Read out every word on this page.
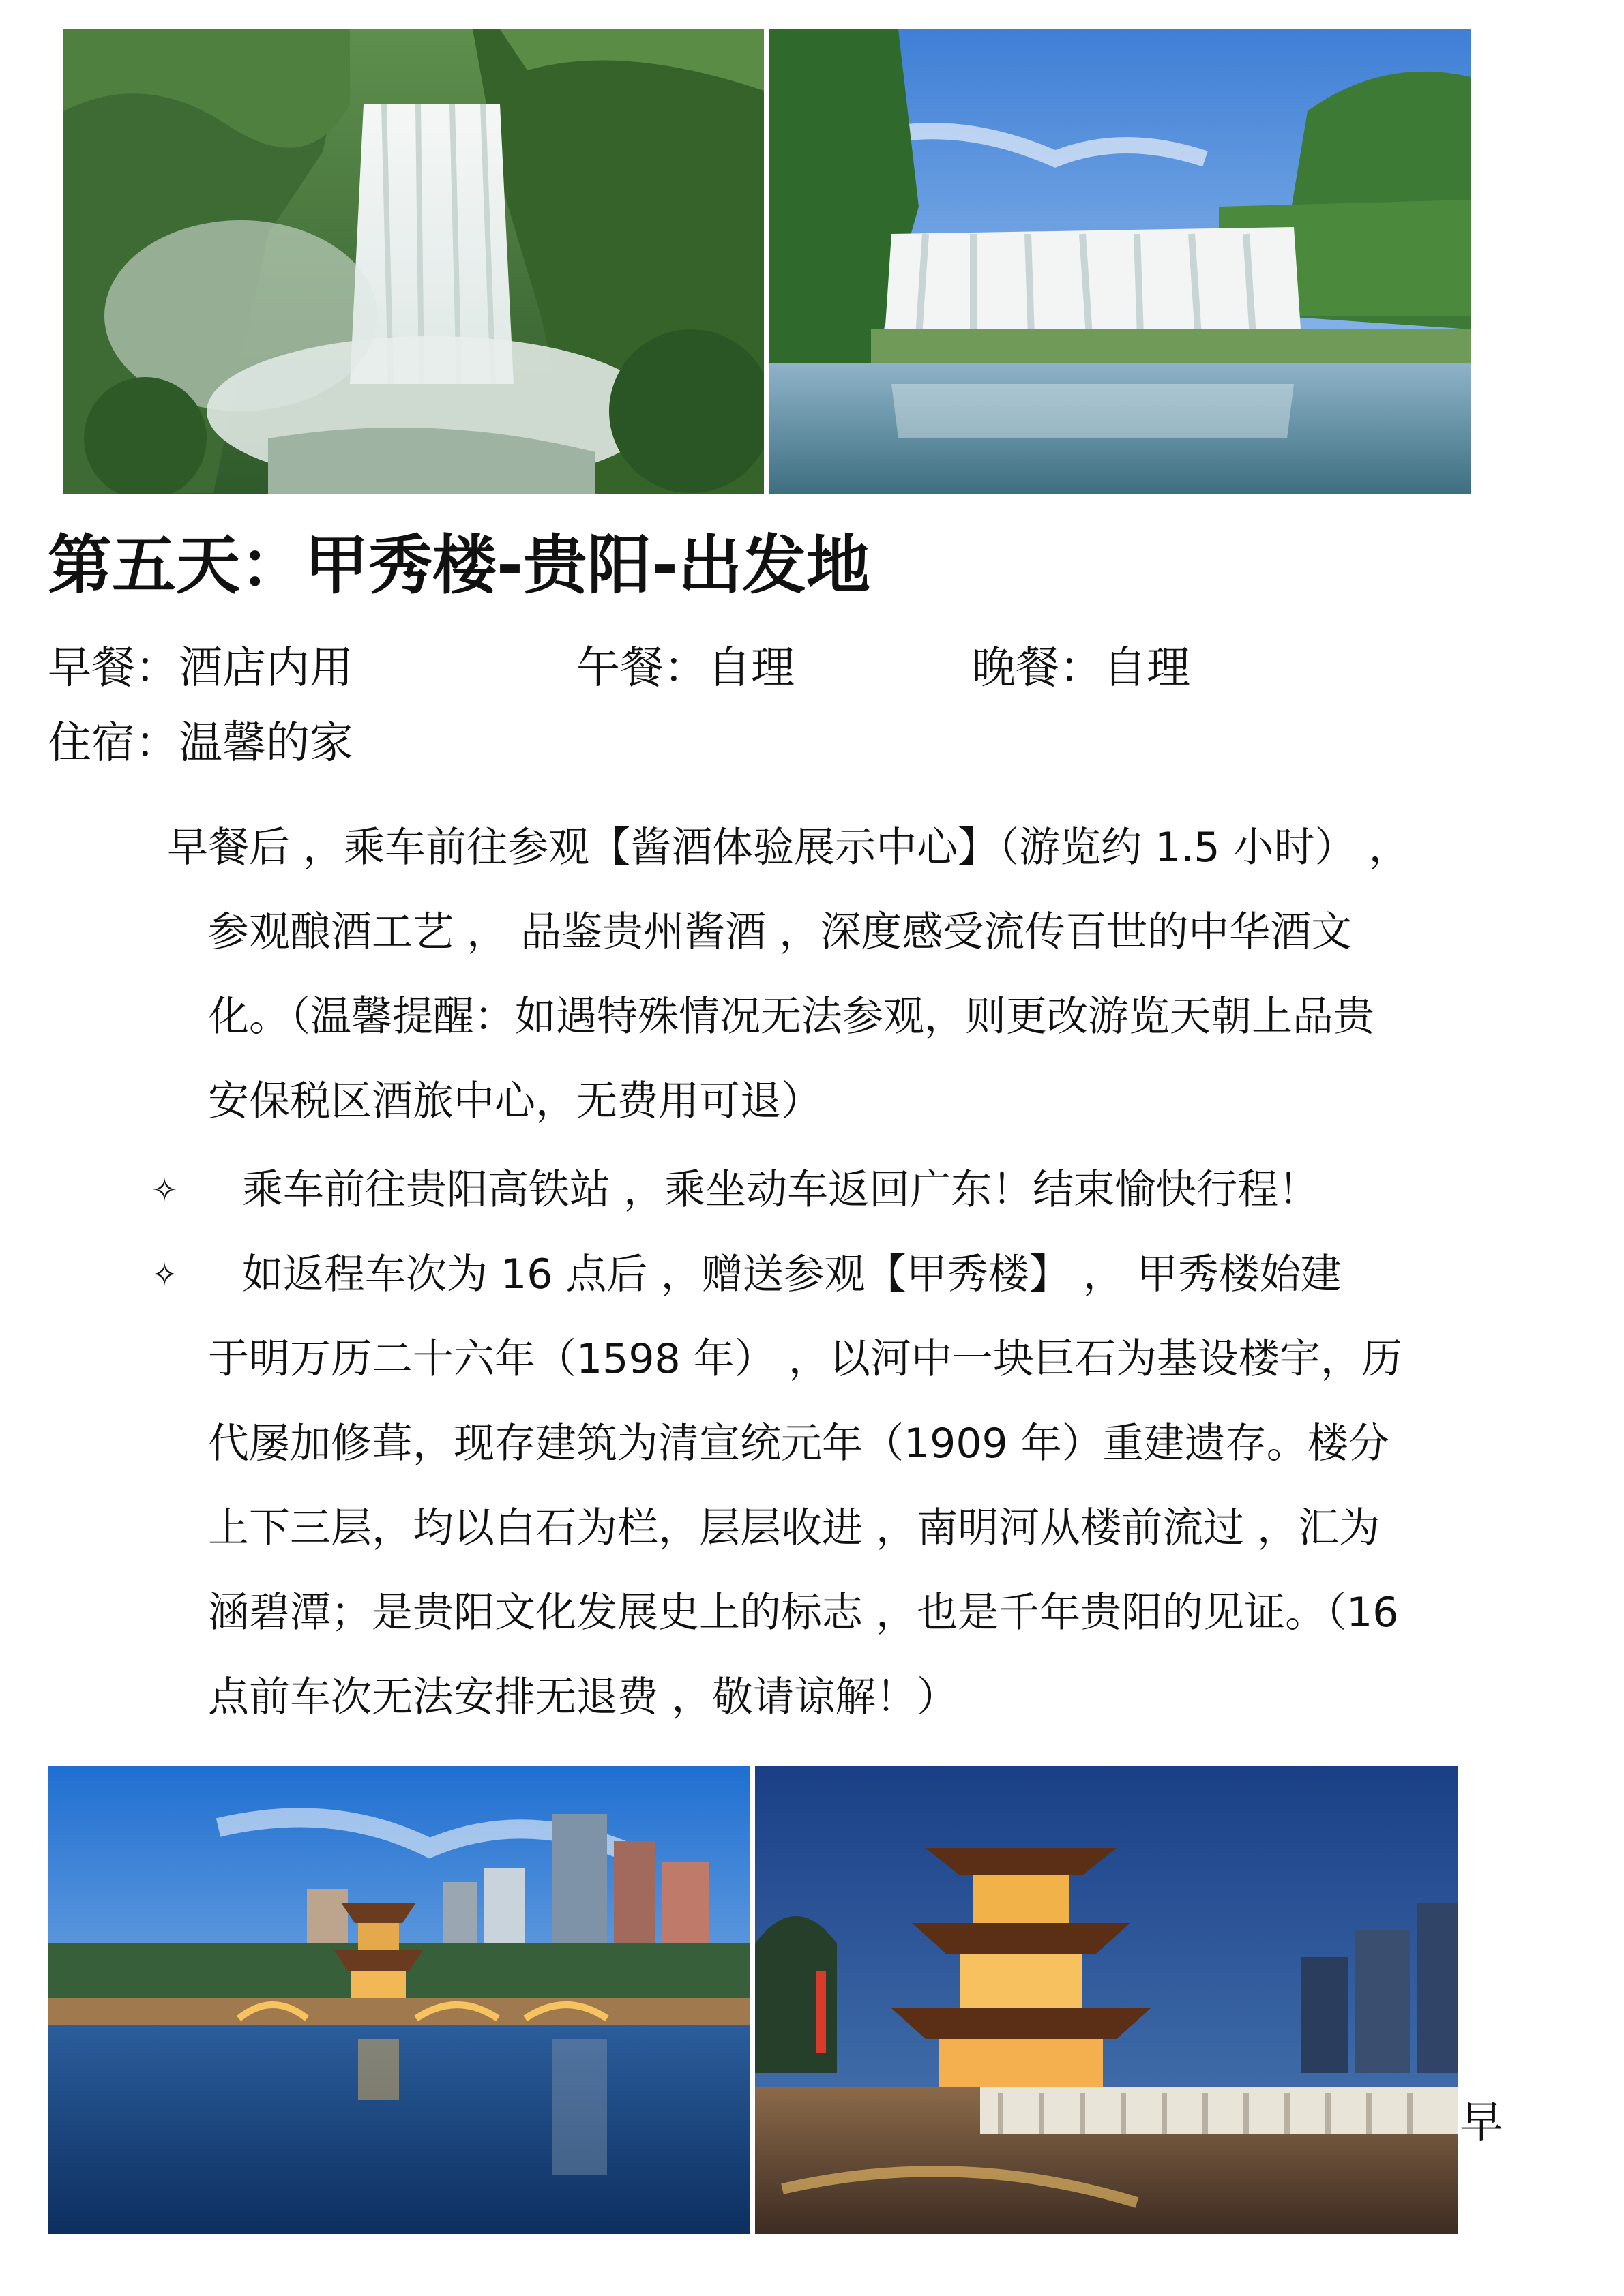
第五天：甲秀楼-贵阳-出发地
早餐：酒店内用	午餐：自理	晚餐：自理
住宿：温馨的家
早餐后 ，乘车前往参观【酱酒体验展示中心】（游览约 1.5 小时） ，
参观酿酒工艺 ， 品鉴贵州酱酒 ，深度感受流传百世的中华酒文
化。（温馨提醒：如遇特殊情况无法参观，则更改游览天朝上品贵
安保税区酒旅中心，无费用可退）
✧ 乘车前往贵阳高铁站 ，乘坐动车返回广东！结束愉快行程！
✧ 如返程车次为 16 点后 ，赠送参观【甲秀楼】 ， 甲秀楼始建
于明万历二十六年（1598 年） ，以河中一块巨石为基设楼宇，历
代屡加修葺，现存建筑为清宣统元年（1909 年）重建遗存。楼分
上下三层，均以白石为栏，层层收进 ，南明河从楼前流过 ，汇为
涵碧潭；是贵阳文化发展史上的标志 ，也是千年贵阳的见证。（16
点前车次无法安排无退费 ，敬请谅解！）
早
